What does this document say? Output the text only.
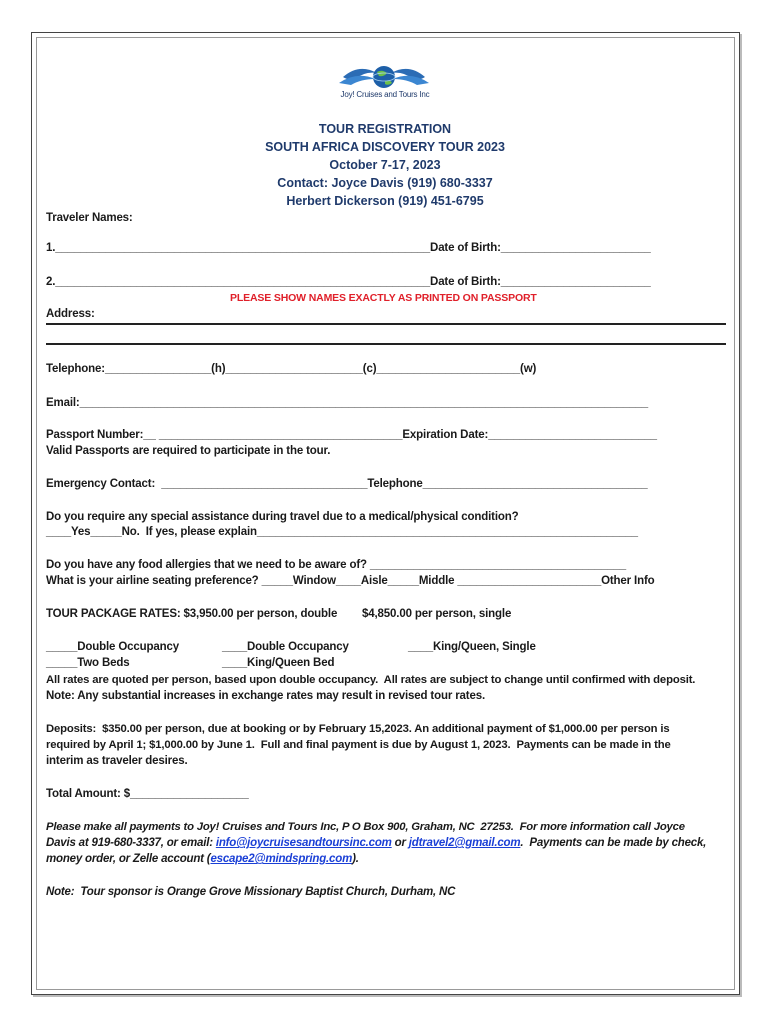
Joy! Cruises and Tours Inc
TOUR REGISTRATION
SOUTH AFRICA DISCOVERY TOUR 2023
October 7-17, 2023
Contact: Joyce Davis (919) 680-3337
Herbert Dickerson (919) 451-6795
Traveler Names:
1.____________________________________________________________Date of Birth:________________________
2.____________________________________________________________Date of Birth:________________________
PLEASE SHOW NAMES EXACTLY AS PRINTED ON PASSPORT
Address:
Telephone:_________________(h)______________________(c)_______________________(w)
Email:___________________________________________________________________________________________
Passport Number:__ _______________________________________Expiration Date:___________________________
Valid Passports are required to participate in the tour.
Emergency Contact:  _________________________________Telephone____________________________________
Do you require any special assistance during travel due to a medical/physical condition?
____Yes_____No.  If yes, please explain_____________________________________________________________
Do you have any food allergies that we need to be aware of? _________________________________________
What is your airline seating preference? _____Window____Aisle_____Middle _______________________Other Info
TOUR PACKAGE RATES: $3,950.00 per person, double $4,850.00 per person, single
_____Double Occupancy	____Double Occupancy	____King/Queen, Single
_____Two Beds	____King/Queen Bed
All rates are quoted per person, based upon double occupancy.  All rates are subject to change until confirmed with deposit.
Note: Any substantial increases in exchange rates may result in revised tour rates.
Deposits:  $350.00 per person, due at booking or by February 15,2023. An additional payment of $1,000.00 per person is
required by April 1; $1,000.00 by June 1.  Full and final payment is due by August 1, 2023.  Payments can be made in the
interim as traveler desires.
Total Amount: $___________________
Please make all payments to Joy! Cruises and Tours Inc, P O Box 900, Graham, NC  27253.  For more information call Joyce
Davis at 919-680-3337, or email: info@joycruisesandtoursinc.com or jdtravel2@gmail.com.  Payments can be made by check,
money order, or Zelle account (escape2@mindspring.com).
Note:  Tour sponsor is Orange Grove Missionary Baptist Church, Durham, NC
